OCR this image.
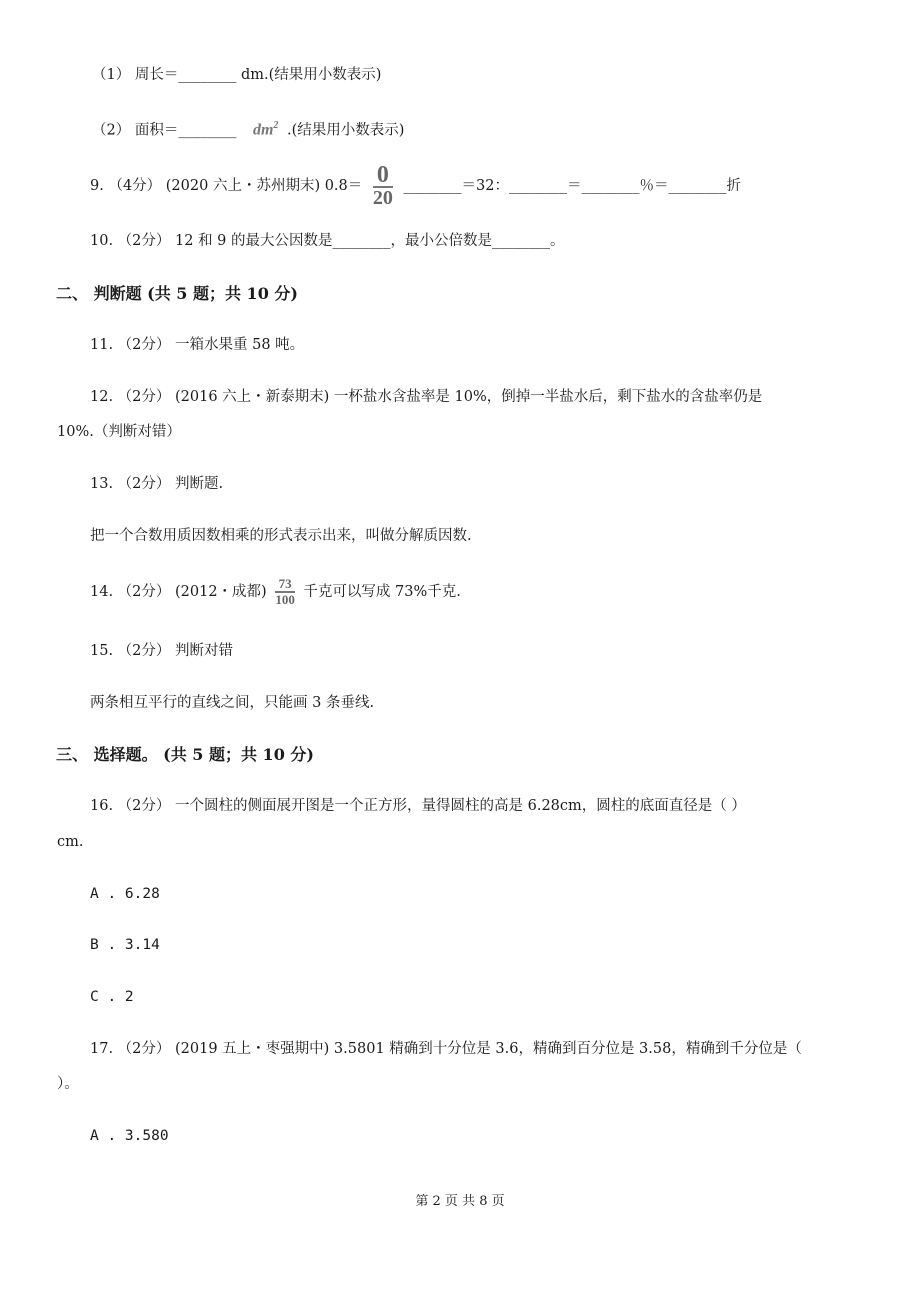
（1） 周长＝________ dm.(结果用小数表示)
（2） 面积＝________ $dm^2$ .(结果用小数表示)
9. （4分） (2020 六上・苏州期末) $0.8= \frac{0}{20}$ ________＝32：________＝________％＝________折
10. （2分） 12 和 9 的最大公因数是________，最小公倍数是________。
二、 判断题 (共 5 题；共 10 分)
11. （2分） 一箱水果重 58 吨。
12. （2分） (2016 六上・新泰期末) 一杯盐水含盐率是 10%，倒掉一半盐水后，剩下盐水的含盐率仍是
10%.（判断对错）
13. （2分） 判断题.
把一个合数用质因数相乘的形式表示出来，叫做分解质因数.
14. （2分） (2012・成都) $\frac{73}{100}$ 千克可以写成 73%千克.
15. （2分） 判断对错
两条相互平行的直线之间，只能画 3 条垂线.
三、 选择题。 (共 5 题；共 10 分)
16. （2分） 一个圆柱的侧面展开图是一个正方形，量得圆柱的高是 6.28cm，圆柱的底面直径是（ ）
cm.
A . 6.28
B . 3.14
C . 2
17. （2分） (2019 五上・枣强期中) 3.5801 精确到十分位是 3.6，精确到百分位是 3.58，精确到千分位是（
）。
A . 3.580
第 2 页 共 8 页
